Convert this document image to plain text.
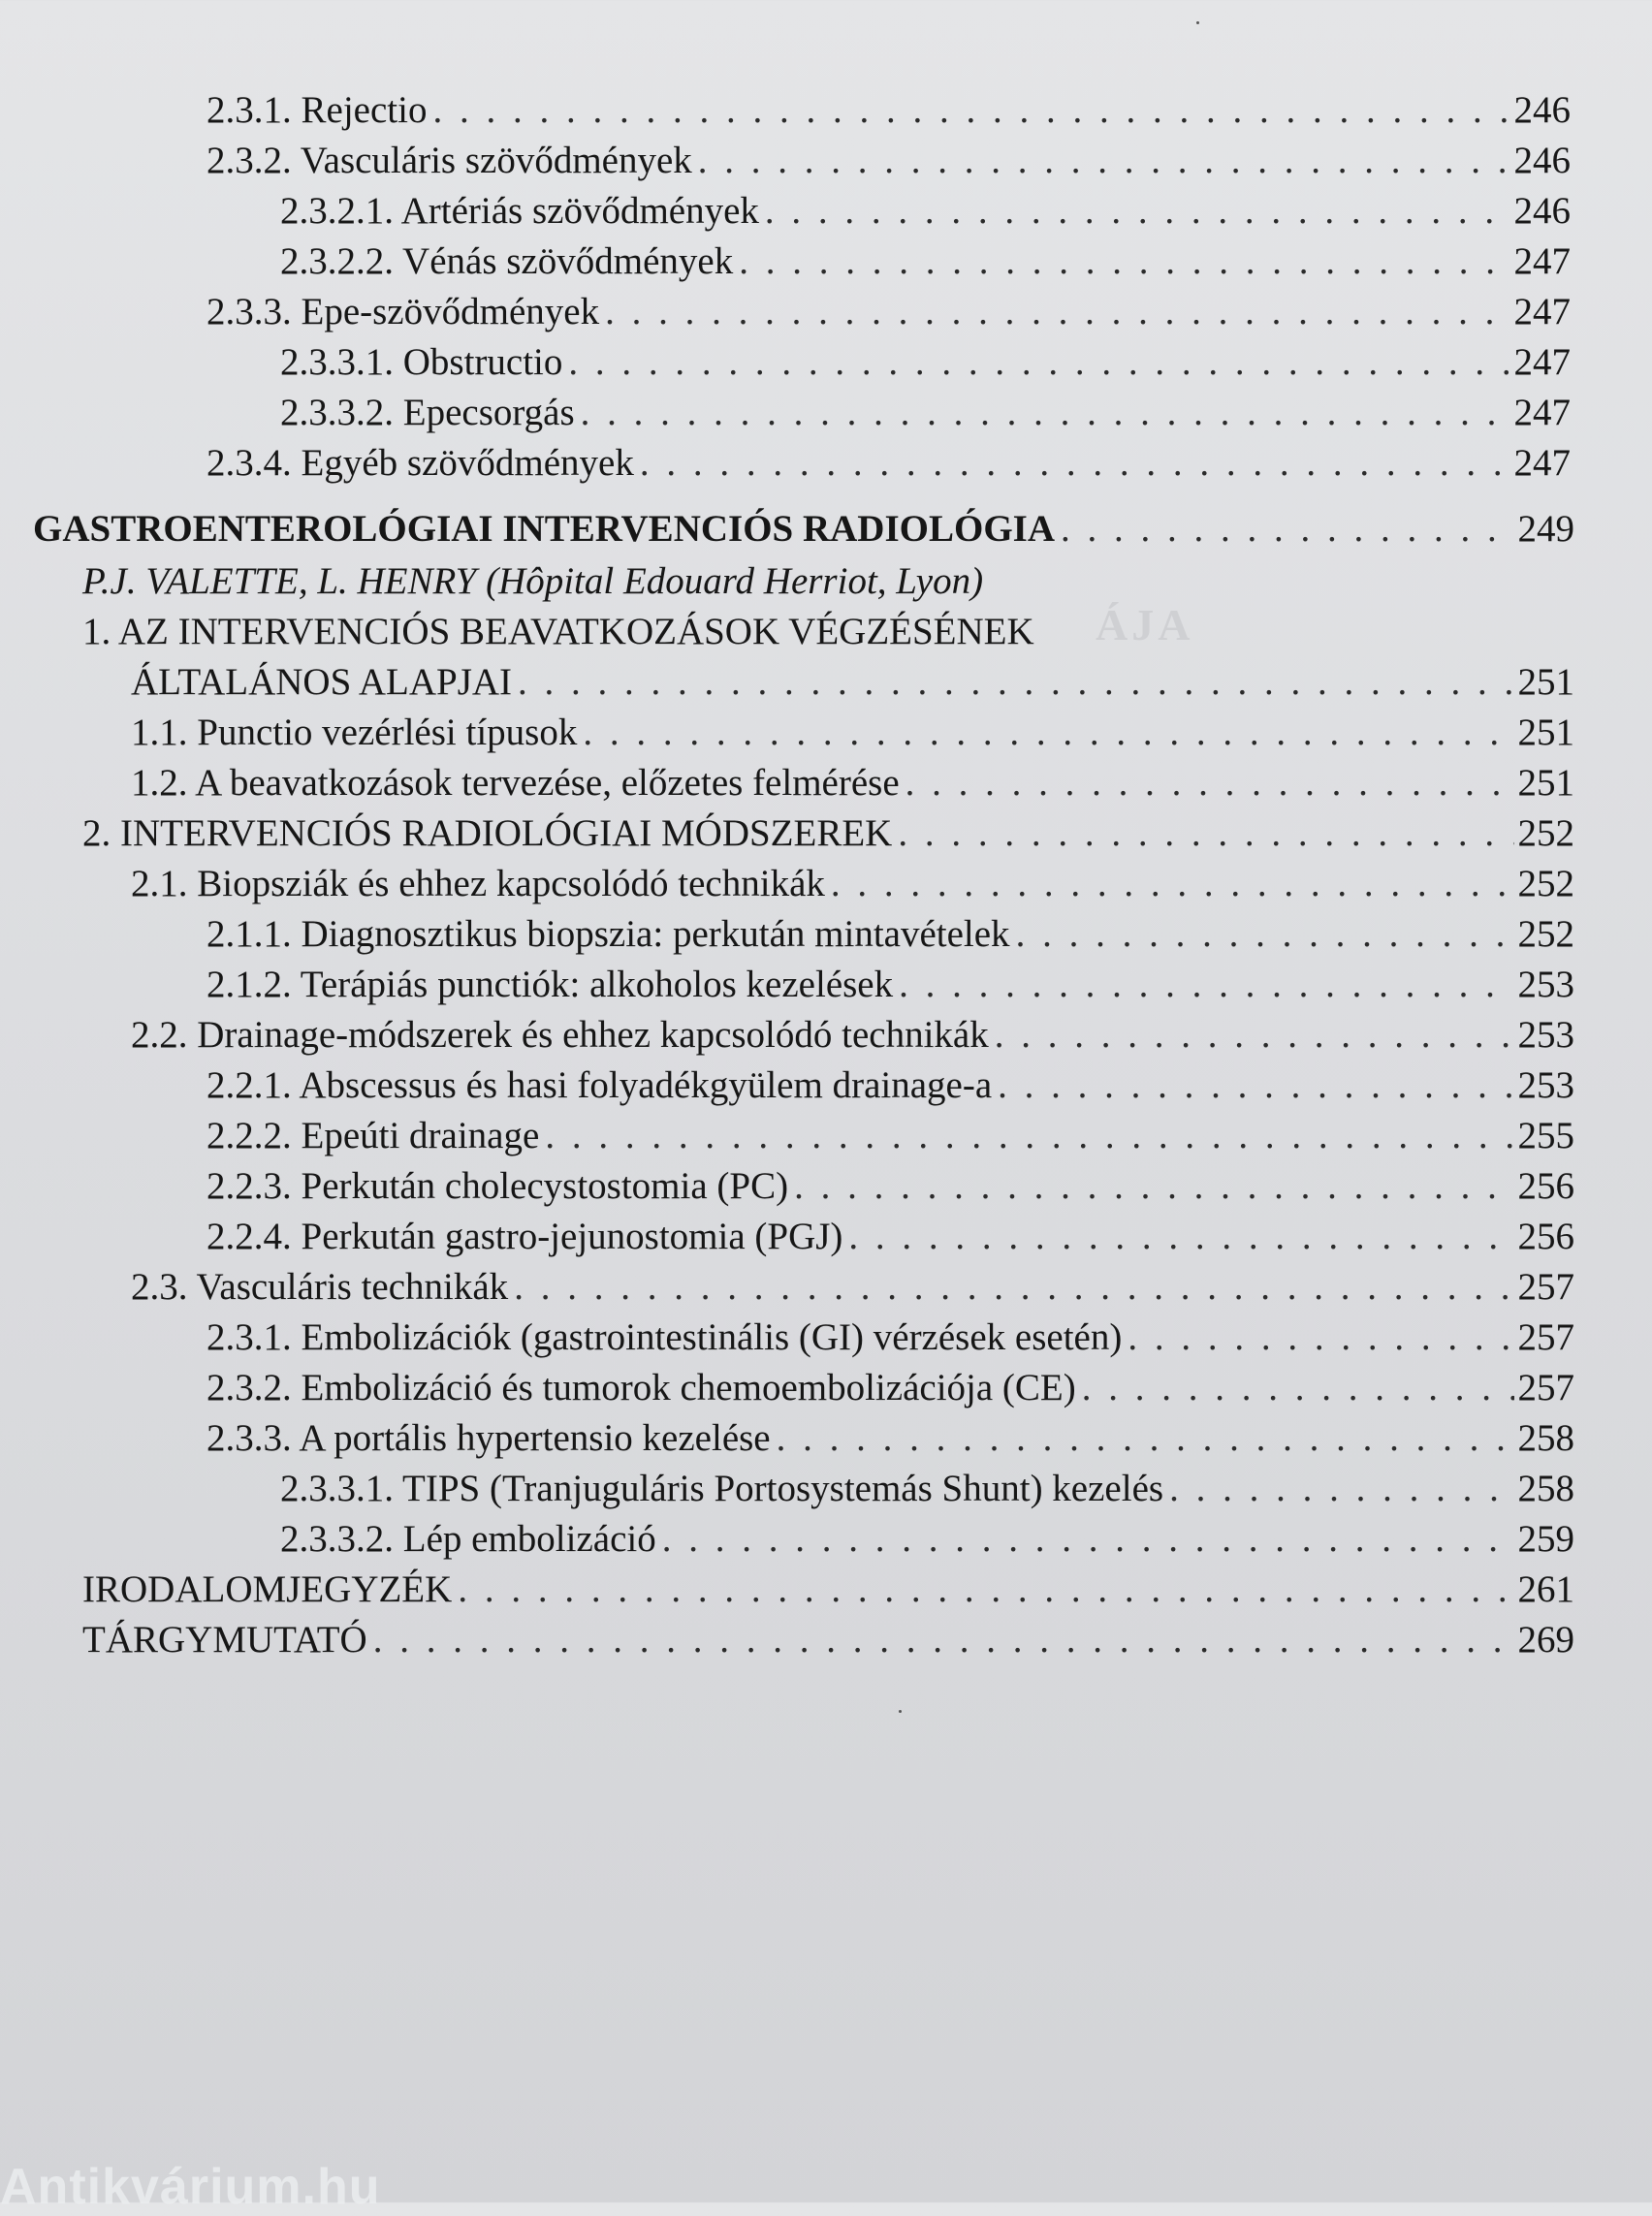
ÁJA
2.3.1. Rejectio . . .	246
2.3.2. Vasculáris szövődmények . . .	246
2.3.2.1. Artériás szövődmények . . .	246
2.3.2.2. Vénás szövődmények . . .	247
2.3.3. Epe-szövődmények . . .	247
2.3.3.1. Obstructio . . .	247
2.3.3.2. Epecsorgás . . .	247
2.3.4. Egyéb szövődmények . . .	247
GASTROENTEROLÓGIAI INTERVENCIÓS RADIOLÓGIA . . .	249
P.J. VALETTE, L. HENRY (Hôpital Edouard Herriot, Lyon)
1. AZ INTERVENCIÓS BEAVATKOZÁSOK VÉGZÉSÉNEK
ÁLTALÁNOS ALAPJAI . . .	251
1.1. Punctio vezérlési típusok . . .	251
1.2. A beavatkozások tervezése, előzetes felmérése . . .	251
2. INTERVENCIÓS RADIOLÓGIAI MÓDSZEREK . . .	252
2.1. Biopsziák és ehhez kapcsolódó technikák . . .	252
2.1.1. Diagnosztikus biopszia: perkután mintavételek . . .	252
2.1.2. Terápiás punctiók: alkoholos kezelések . . .	253
2.2. Drainage-módszerek és ehhez kapcsolódó technikák . . .	253
2.2.1. Abscessus és hasi folyadékgyülem drainage-a . . .	253
2.2.2. Epeúti drainage . . .	255
2.2.3. Perkután cholecystostomia (PC) . . .	256
2.2.4. Perkután gastro-jejunostomia (PGJ) . . .	256
2.3. Vasculáris technikák . . .	257
2.3.1. Embolizációk (gastrointestinális (GI) vérzések esetén) . . .	257
2.3.2. Embolizáció és tumorok chemoembolizációja (CE) . . .	257
2.3.3. A portális hypertensio kezelése . . .	258
2.3.3.1. TIPS (Tranjuguláris Portosystemás Shunt) kezelés . . .	258
2.3.3.2. Lép embolizáció . . .	259
IRODALOMJEGYZÉK . . .	261
TÁRGYMUTATÓ . . .	269
Antikvárium.hu
